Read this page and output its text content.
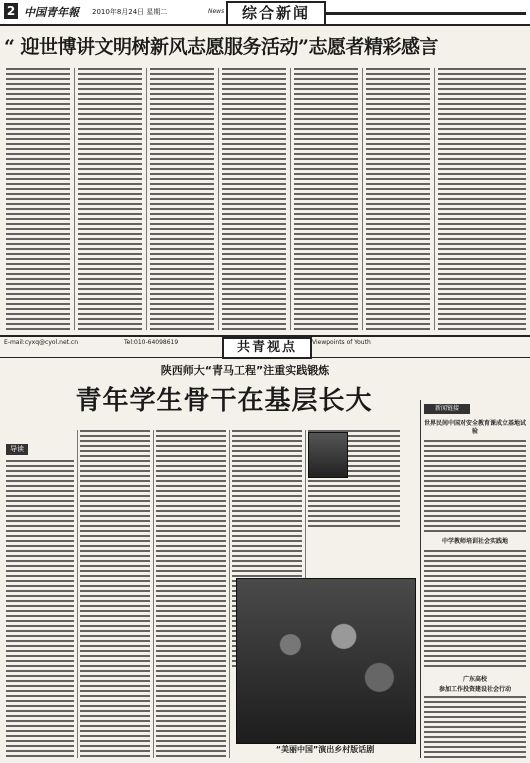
2 中国青年報 2010年8月24日 星期二	News	综合新闻
“ 迎世博讲文明树新风志愿服务活动”志愿者精彩感言
E-mail:cyxq@cyol.net.cn	Tel:010-64098619	共青视点	Viewpoints of Youth
陕西师大“青马工程”注重实践锻炼
青年学生骨干在基层长大
导读
“美丽中国”演出乡村版话剧
新闻链接
世界民间中国对安全教育课成立基地试验
中学教师培训社会实践地
广东高校
参加工作投资建设社会行动
